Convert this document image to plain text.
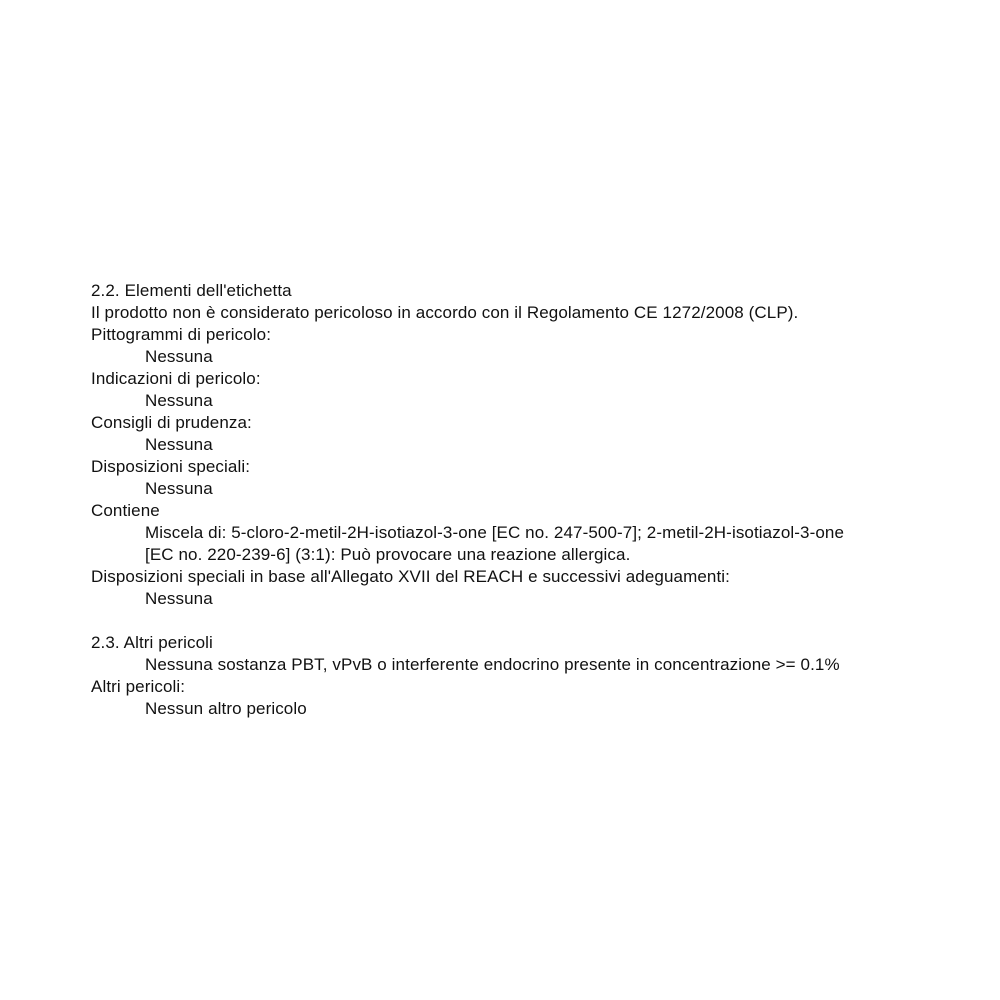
2.2. Elementi dell'etichetta
Il prodotto non è considerato pericoloso in accordo con il Regolamento CE 1272/2008 (CLP).
Pittogrammi di pericolo:
Nessuna
Indicazioni di pericolo:
Nessuna
Consigli di prudenza:
Nessuna
Disposizioni speciali:
Nessuna
Contiene
Miscela di: 5-cloro-2-metil-2H-isotiazol-3-one [EC no. 247-500-7]; 2-metil-2H-isotiazol-3-one
[EC no. 220-239-6] (3:1): Può provocare una reazione allergica.
Disposizioni speciali in base all'Allegato XVII del REACH e successivi adeguamenti:
Nessuna
2.3. Altri pericoli
Nessuna sostanza PBT, vPvB o interferente endocrino presente in concentrazione >= 0.1%
Altri pericoli:
Nessun altro pericolo
